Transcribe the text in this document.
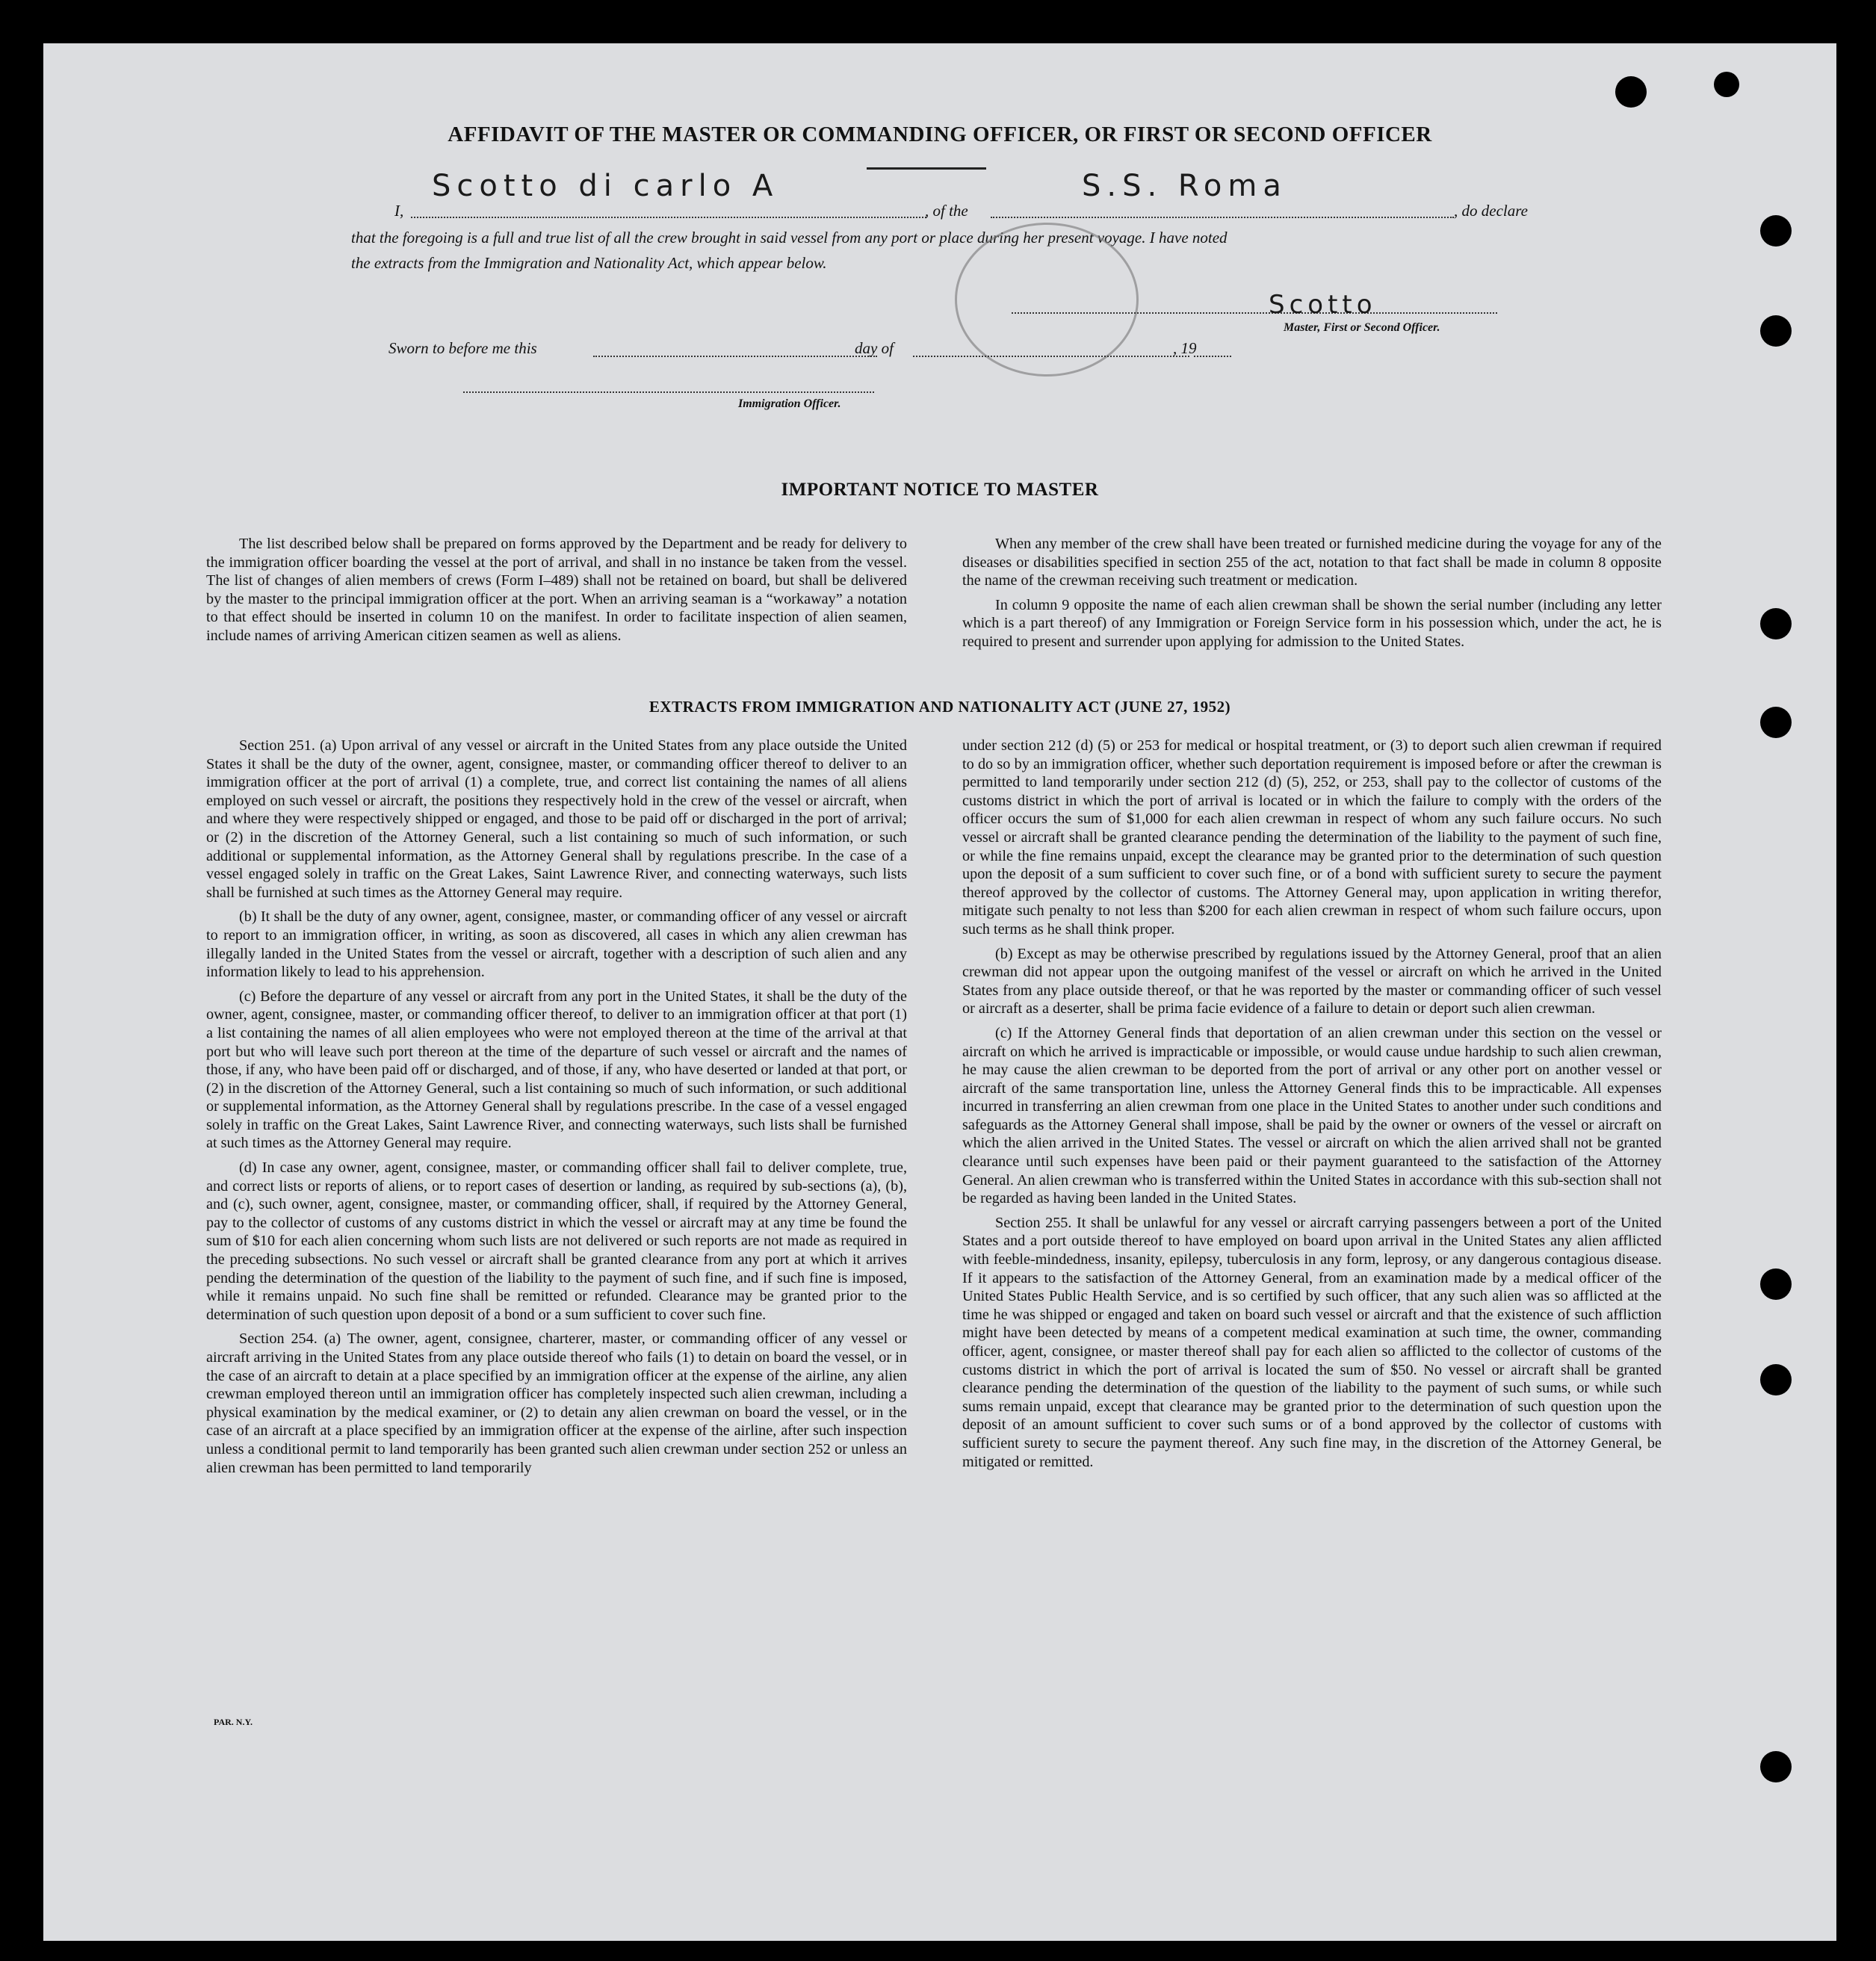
AFFIDAVIT OF THE MASTER OR COMMANDING OFFICER, OR FIRST OR SECOND OFFICER
I,
Scotto di carlo A
, of the
S.S. Roma
, do declare
that the foregoing is a full and true list of all the crew brought in said vessel from any port or place during her present voyage. I have noted
the extracts from the Immigration and Nationality Act, which appear below.
Scotto
Master, First or Second Officer.
Sworn to before me this	day of	, 19
Immigration Officer.
IMPORTANT NOTICE TO MASTER

The list described below shall be prepared on forms approved by the Department and be ready for delivery to the immigration officer boarding the vessel at the port of arrival, and shall in no instance be taken from the vessel. The list of changes of alien members of crews (Form I–489) shall not be retained on board, but shall be delivered by the master to the principal immigration officer at the port. When an arriving seaman is a “workaway” a notation to that effect should be inserted in column 10 on the manifest. In order to facilitate inspection of alien seamen, include names of arriving American citizen seamen as well as aliens.

When any member of the crew shall have been treated or furnished medicine during the voyage for any of the diseases or disabilities specified in section 255 of the act, notation to that fact shall be made in column 8 opposite the name of the crewman receiving such treatment or medication.

In column 9 opposite the name of each alien crewman shall be shown the serial number (including any letter which is a part thereof) of any Immigration or Foreign Service form in his possession which, under the act, he is required to present and surrender upon applying for admission to the United States.

EXTRACTS FROM IMMIGRATION AND NATIONALITY ACT (JUNE 27, 1952)

Section 251. (a) Upon arrival of any vessel or aircraft in the United States from any place outside the United States it shall be the duty of the owner, agent, consignee, master, or commanding officer thereof to deliver to an immigration officer at the port of arrival (1) a complete, true, and correct list containing the names of all aliens employed on such vessel or aircraft, the positions they respectively hold in the crew of the vessel or aircraft, when and where they were respectively shipped or engaged, and those to be paid off or discharged in the port of arrival; or (2) in the discretion of the Attorney General, such a list containing so much of such information, or such additional or supplemental information, as the Attorney General shall by regulations prescribe. In the case of a vessel engaged solely in traffic on the Great Lakes, Saint Lawrence River, and connecting waterways, such lists shall be furnished at such times as the Attorney General may require.

(b) It shall be the duty of any owner, agent, consignee, master, or commanding officer of any vessel or aircraft to report to an immigration officer, in writing, as soon as discovered, all cases in which any alien crewman has illegally landed in the United States from the vessel or aircraft, together with a description of such alien and any information likely to lead to his apprehension.

(c) Before the departure of any vessel or aircraft from any port in the United States, it shall be the duty of the owner, agent, consignee, master, or commanding officer thereof, to deliver to an immigration officer at that port (1) a list containing the names of all alien employees who were not employed thereon at the time of the arrival at that port but who will leave such port thereon at the time of the departure of such vessel or aircraft and the names of those, if any, who have been paid off or discharged, and of those, if any, who have deserted or landed at that port, or (2) in the discretion of the Attorney General, such a list containing so much of such information, or such additional or supplemental information, as the Attorney General shall by regulations prescribe. In the case of a vessel engaged solely in traffic on the Great Lakes, Saint Lawrence River, and connecting waterways, such lists shall be furnished at such times as the Attorney General may require.

(d) In case any owner, agent, consignee, master, or commanding officer shall fail to deliver complete, true, and correct lists or reports of aliens, or to report cases of desertion or landing, as required by sub-sections (a), (b), and (c), such owner, agent, consignee, master, or commanding officer, shall, if required by the Attorney General, pay to the collector of customs of any customs district in which the vessel or aircraft may at any time be found the sum of $10 for each alien concerning whom such lists are not delivered or such reports are not made as required in the preceding subsections. No such vessel or aircraft shall be granted clearance from any port at which it arrives pending the determination of the question of the liability to the payment of such fine, and if such fine is imposed, while it remains unpaid. No such fine shall be remitted or refunded. Clearance may be granted prior to the determination of such question upon deposit of a bond or a sum sufficient to cover such fine.

Section 254. (a) The owner, agent, consignee, charterer, master, or commanding officer of any vessel or aircraft arriving in the United States from any place outside thereof who fails (1) to detain on board the vessel, or in the case of an aircraft to detain at a place specified by an immigration officer at the expense of the airline, any alien crewman employed thereon until an immigration officer has completely inspected such alien crewman, including a physical examination by the medical examiner, or (2) to detain any alien crewman on board the vessel, or in the case of an aircraft at a place specified by an immigration officer at the expense of the airline, after such inspection unless a conditional permit to land temporarily has been granted such alien crewman under section 252 or unless an alien crewman has been permitted to land temporarily

under section 212 (d) (5) or 253 for medical or hospital treatment, or (3) to deport such alien crewman if required to do so by an immigration officer, whether such deportation requirement is imposed before or after the crewman is permitted to land temporarily under section 212 (d) (5), 252, or 253, shall pay to the collector of customs of the customs district in which the port of arrival is located or in which the failure to comply with the orders of the officer occurs the sum of $1,000 for each alien crewman in respect of whom any such failure occurs. No such vessel or aircraft shall be granted clearance pending the determination of the liability to the payment of such fine, or while the fine remains unpaid, except the clearance may be granted prior to the determination of such question upon the deposit of a sum sufficient to cover such fine, or of a bond with sufficient surety to secure the payment thereof approved by the collector of customs. The Attorney General may, upon application in writing therefor, mitigate such penalty to not less than $200 for each alien crewman in respect of whom such failure occurs, upon such terms as he shall think proper.

(b) Except as may be otherwise prescribed by regulations issued by the Attorney General, proof that an alien crewman did not appear upon the outgoing manifest of the vessel or aircraft on which he arrived in the United States from any place outside thereof, or that he was reported by the master or commanding officer of such vessel or aircraft as a deserter, shall be prima facie evidence of a failure to detain or deport such alien crewman.

(c) If the Attorney General finds that deportation of an alien crewman under this section on the vessel or aircraft on which he arrived is impracticable or impossible, or would cause undue hardship to such alien crewman, he may cause the alien crewman to be deported from the port of arrival or any other port on another vessel or aircraft of the same transportation line, unless the Attorney General finds this to be impracticable. All expenses incurred in transferring an alien crewman from one place in the United States to another under such conditions and safeguards as the Attorney General shall impose, shall be paid by the owner or owners of the vessel or aircraft on which the alien arrived in the United States. The vessel or aircraft on which the alien arrived shall not be granted clearance until such expenses have been paid or their payment guaranteed to the satisfaction of the Attorney General. An alien crewman who is transferred within the United States in accordance with this sub-section shall not be regarded as having been landed in the United States.

Section 255. It shall be unlawful for any vessel or aircraft carrying passengers between a port of the United States and a port outside thereof to have employed on board upon arrival in the United States any alien afflicted with feeble-mindedness, insanity, epilepsy, tuberculosis in any form, leprosy, or any dangerous contagious disease. If it appears to the satisfaction of the Attorney General, from an examination made by a medical officer of the United States Public Health Service, and is so certified by such officer, that any such alien was so afflicted at the time he was shipped or engaged and taken on board such vessel or aircraft and that the existence of such affliction might have been detected by means of a competent medical examination at such time, the owner, commanding officer, agent, consignee, or master thereof shall pay for each alien so afflicted to the collector of customs of the customs district in which the port of arrival is located the sum of $50. No vessel or aircraft shall be granted clearance pending the determination of the question of the liability to the payment of such sums, or while such sums remain unpaid, except that clearance may be granted prior to the determination of such question upon the deposit of an amount sufficient to cover such sums or of a bond approved by the collector of customs with sufficient surety to secure the payment thereof. Any such fine may, in the discretion of the Attorney General, be mitigated or remitted.

PAR. N.Y.
